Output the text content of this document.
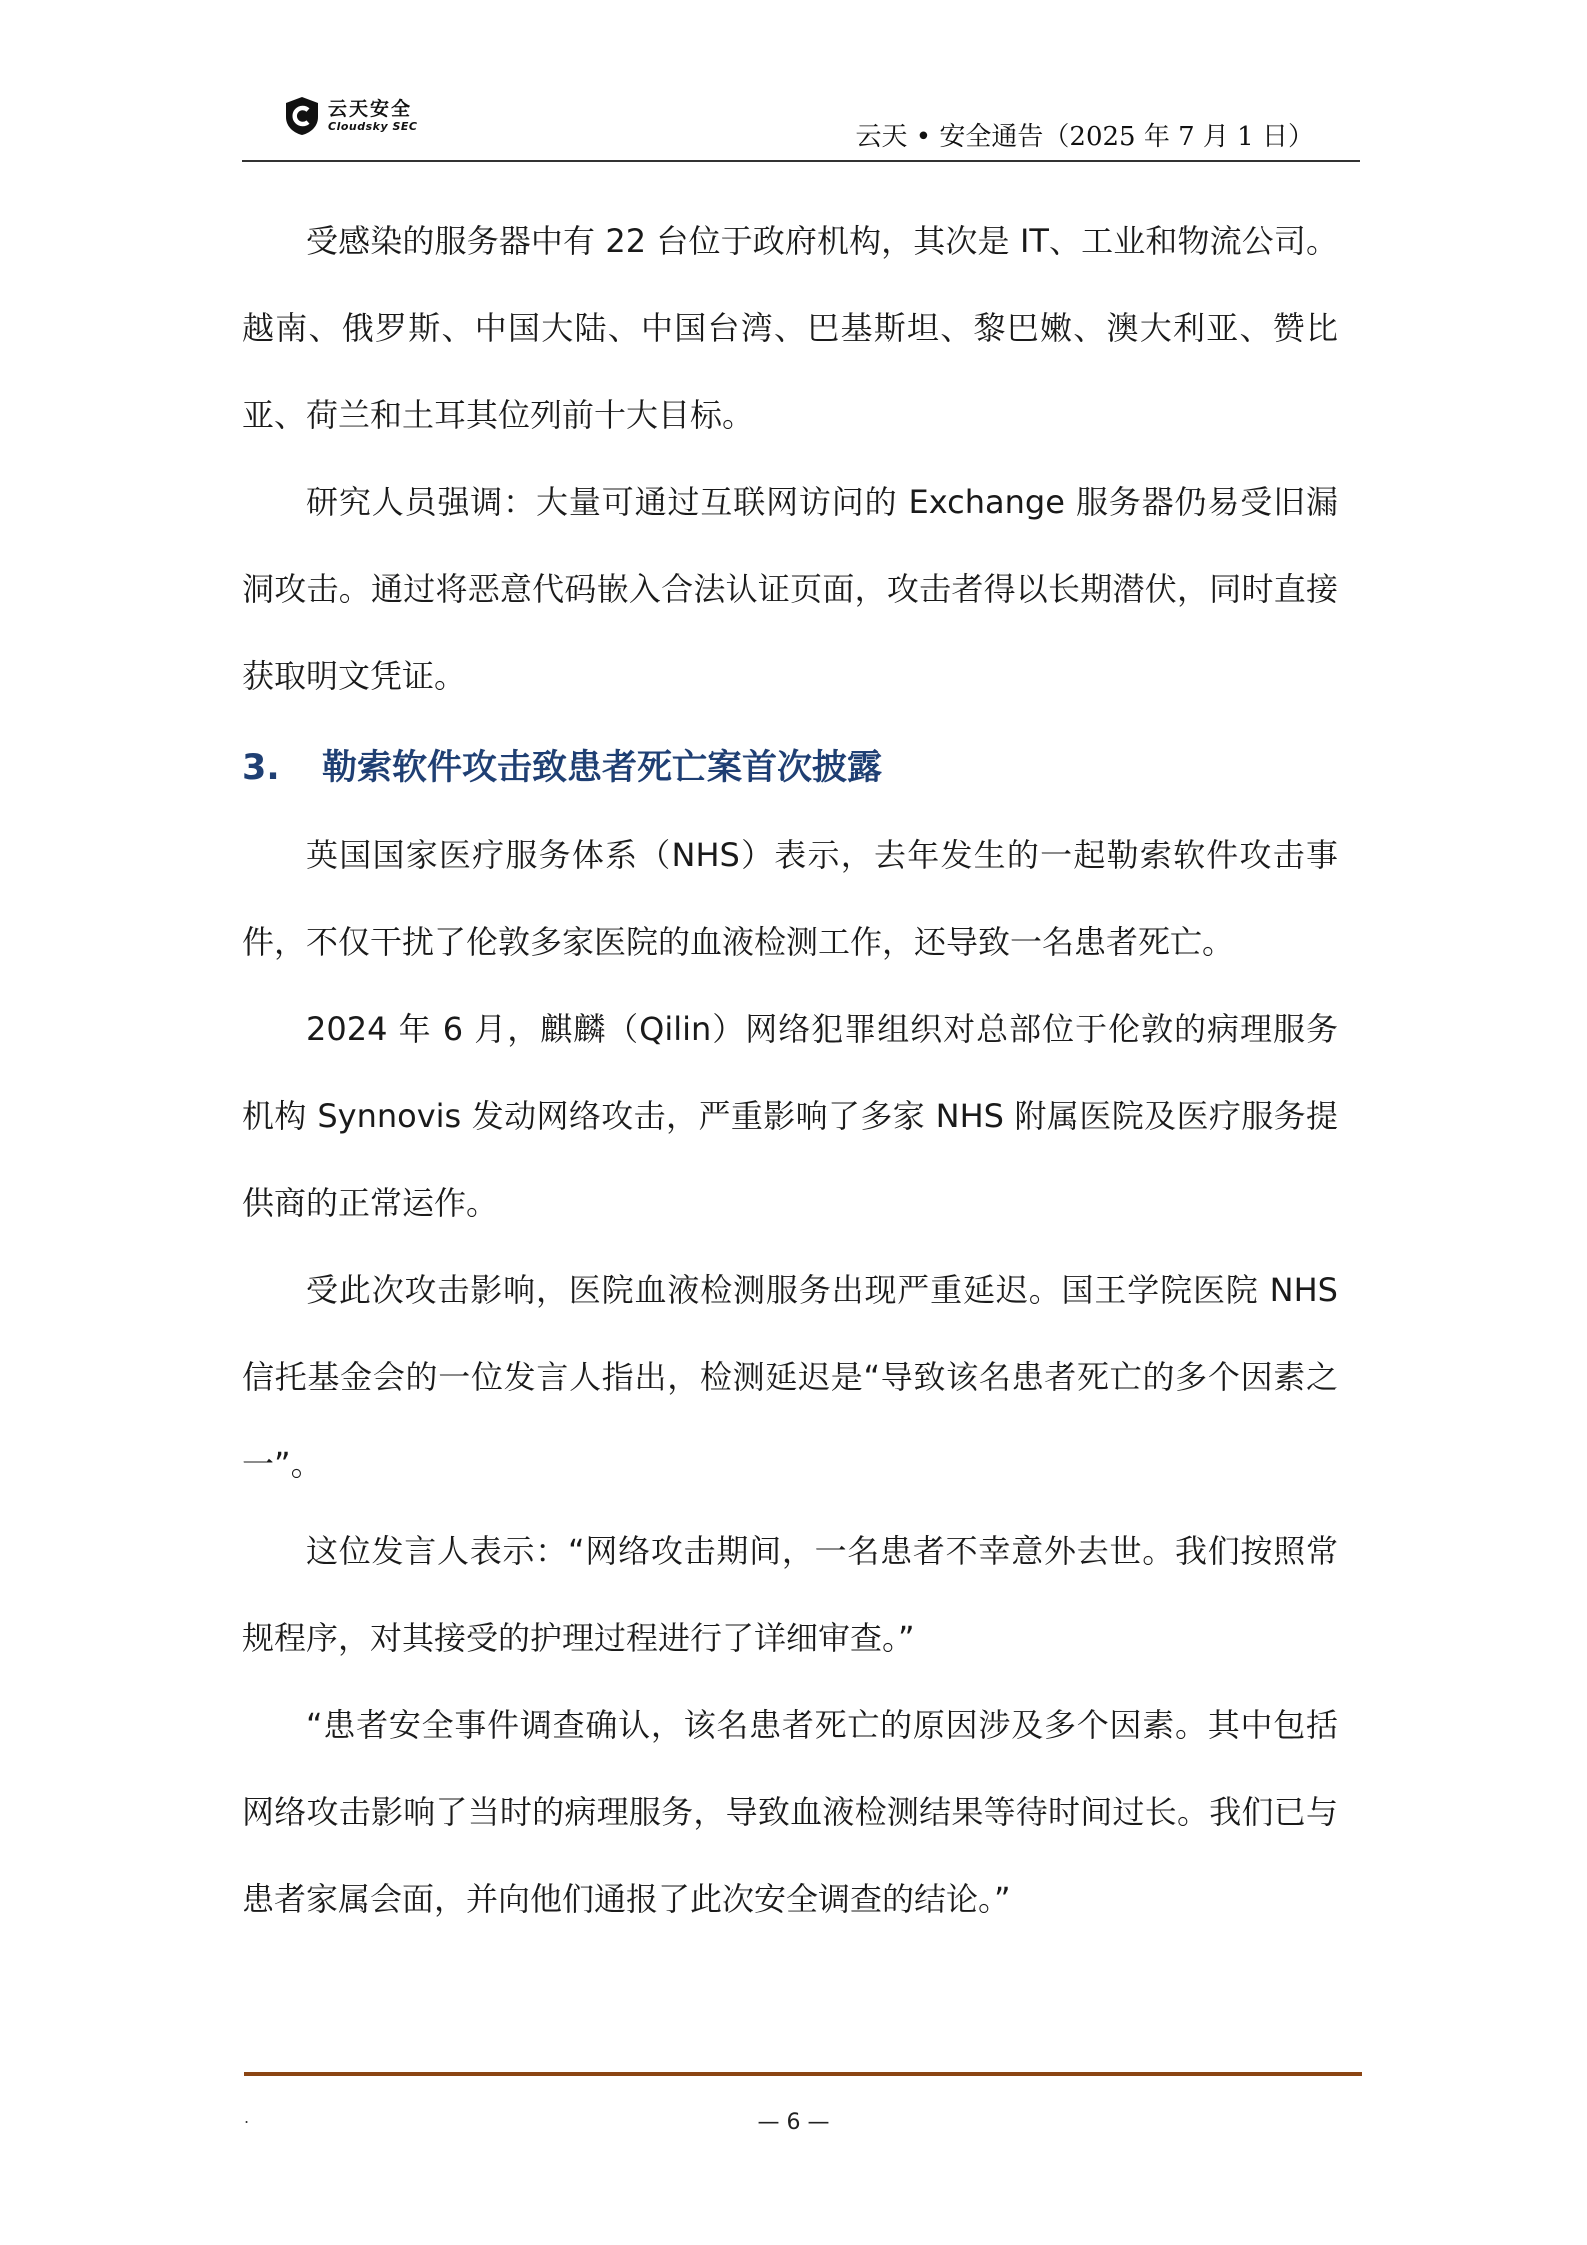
云天安全
Cloudsky SEC	云天 • 安全通告（2025 年 7 月 1 日）

受感染的服务器中有 22 台位于政府机构，其次是 IT、工业和物流公司。越南、俄罗斯、中国大陆、中国台湾、巴基斯坦、黎巴嫩、澳大利亚、赞比亚、荷兰和土耳其位列前十大目标。

研究人员强调：大量可通过互联网访问的 Exchange 服务器仍易受旧漏洞攻击。通过将恶意代码嵌入合法认证页面，攻击者得以长期潜伏，同时直接获取明文凭证。

3. 勒索软件攻击致患者死亡案首次披露

英国国家医疗服务体系（NHS）表示，去年发生的一起勒索软件攻击事件，不仅干扰了伦敦多家医院的血液检测工作，还导致一名患者死亡。

2024 年 6 月，麒麟（Qilin）网络犯罪组织对总部位于伦敦的病理服务机构 Synnovis 发动网络攻击，严重影响了多家 NHS 附属医院及医疗服务提供商的正常运作。

受此次攻击影响，医院血液检测服务出现严重延迟。国王学院医院 NHS 信托基金会的一位发言人指出，检测延迟是“导致该名患者死亡的多个因素之一”。

这位发言人表示：“网络攻击期间，一名患者不幸意外去世。我们按照常规程序，对其接受的护理过程进行了详细审查。”

“患者安全事件调查确认，该名患者死亡的原因涉及多个因素。其中包括网络攻击影响了当时的病理服务，导致血液检测结果等待时间过长。我们已与患者家属会面，并向他们通报了此次安全调查的结论。”

.	— 6 —
